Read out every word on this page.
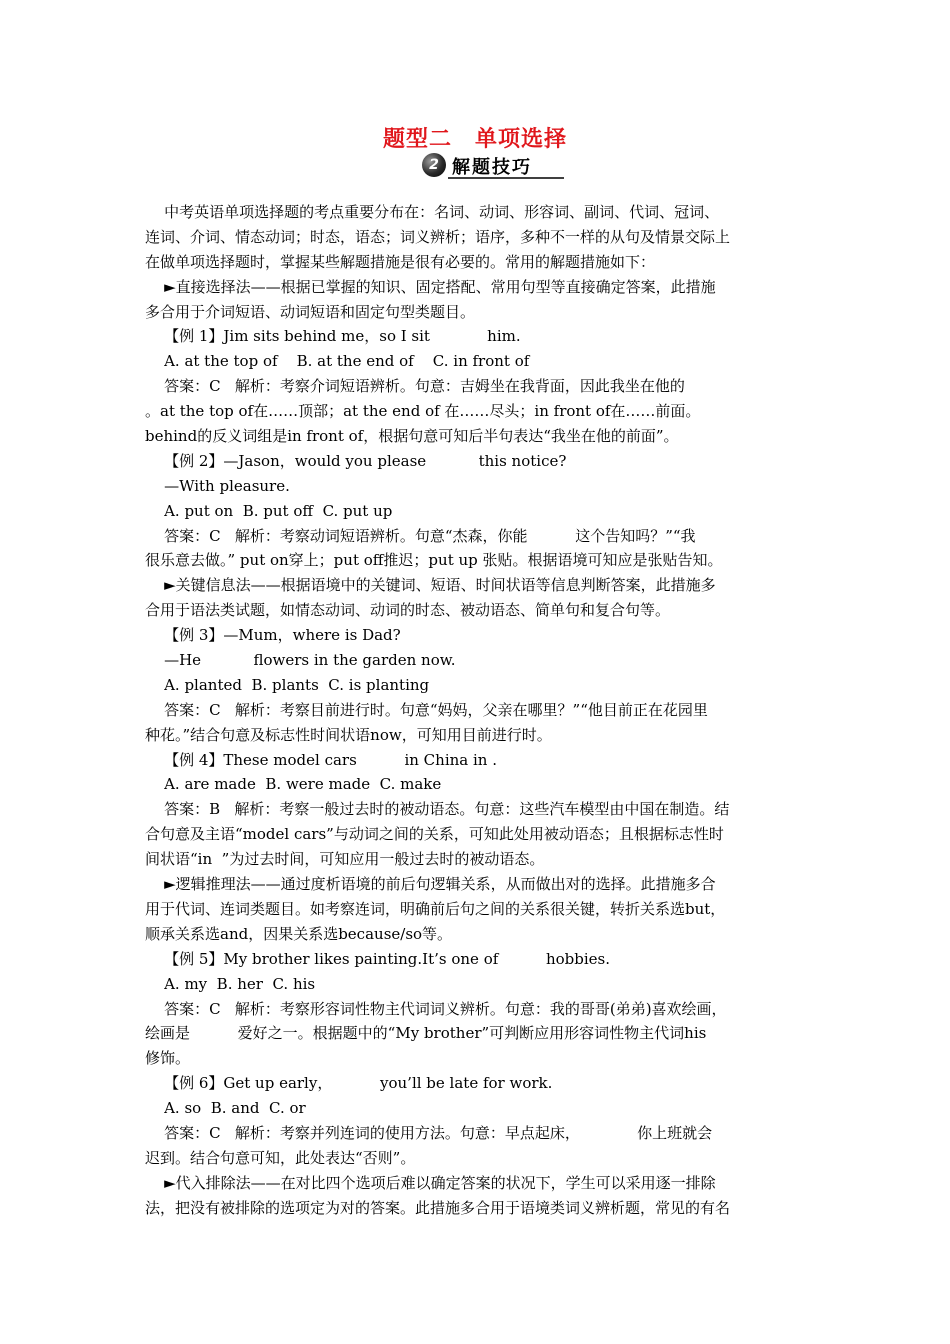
题型二　单项选择
2 解题技巧
中考英语单项选择题的考点重要分布在：名词、动词、形容词、副词、代词、冠词、
连词、介词、情态动词；时态，语态；词义辨析；语序，多种不一样的从句及情景交际上
在做单项选择题时，掌握某些解题措施是很有必要的。常用的解题措施如下：
►直接选择法——根据已掌握的知识、固定搭配、常用句型等直接确定答案，此措施
多合用于介词短语、动词短语和固定句型类题目。
【例 1】Jim sits behind me，so I sit            him.
A. at the top of    B. at the end of    C. in front of
答案：C   解析：考察介词短语辨析。句意：吉姆坐在我背面，因此我坐在他的
。at the top of在……顶部；at the end of 在……尽头；in front of在……前面。
behind的反义词组是in front of，根据句意可知后半句表达“我坐在他的前面”。
【例 2】—Jason，would you please           this notice?
—With pleasure.
A. put on  B. put off  C. put up
答案：C   解析：考察动词短语辨析。句意“杰森，你能          这个告知吗？”“我
很乐意去做。” put on穿上；put off推迟；put up 张贴。根据语境可知应是张贴告知。
►关键信息法——根据语境中的关键词、短语、时间状语等信息判断答案，此措施多
合用于语法类试题，如情态动词、动词的时态、被动语态、简单句和复合句等。
【例 3】—Mum，where is Dad?
—He           flowers in the garden now.
A. planted  B. plants  C. is planting
答案：C   解析：考察目前进行时。句意“妈妈，父亲在哪里？”“他目前正在花园里
种花。”结合句意及标志性时间状语now，可知用目前进行时。
【例 4】These model cars          in China in .
A. are made  B. were made  C. make
答案：B   解析：考察一般过去时的被动语态。句意：这些汽车模型由中国在制造。结
合句意及主语“model cars”与动词之间的关系，可知此处用被动语态；且根据标志性时
间状语“in  ”为过去时间，可知应用一般过去时的被动语态。
►逻辑推理法——通过度析语境的前后句逻辑关系，从而做出对的选择。此措施多合
用于代词、连词类题目。如考察连词，明确前后句之间的关系很关键，转折关系选but，
顺承关系选and，因果关系选because/so等。
【例 5】My brother likes painting.It’s one of          hobbies.
A. my  B. her  C. his
答案：C   解析：考察形容词性物主代词词义辨析。句意：我的哥哥(弟弟)喜欢绘画，
绘画是          爱好之一。根据题中的“My brother”可判断应用形容词性物主代词his
修饰。
【例 6】Get up early，          you’ll be late for work.
A. so  B. and  C. or
答案：C   解析：考察并列连词的使用方法。句意：早点起床，            你上班就会
迟到。结合句意可知，此处表达“否则”。
►代入排除法——在对比四个选项后难以确定答案的状况下，学生可以采用逐一排除
法，把没有被排除的选项定为对的答案。此措施多合用于语境类词义辨析题，常见的有名
